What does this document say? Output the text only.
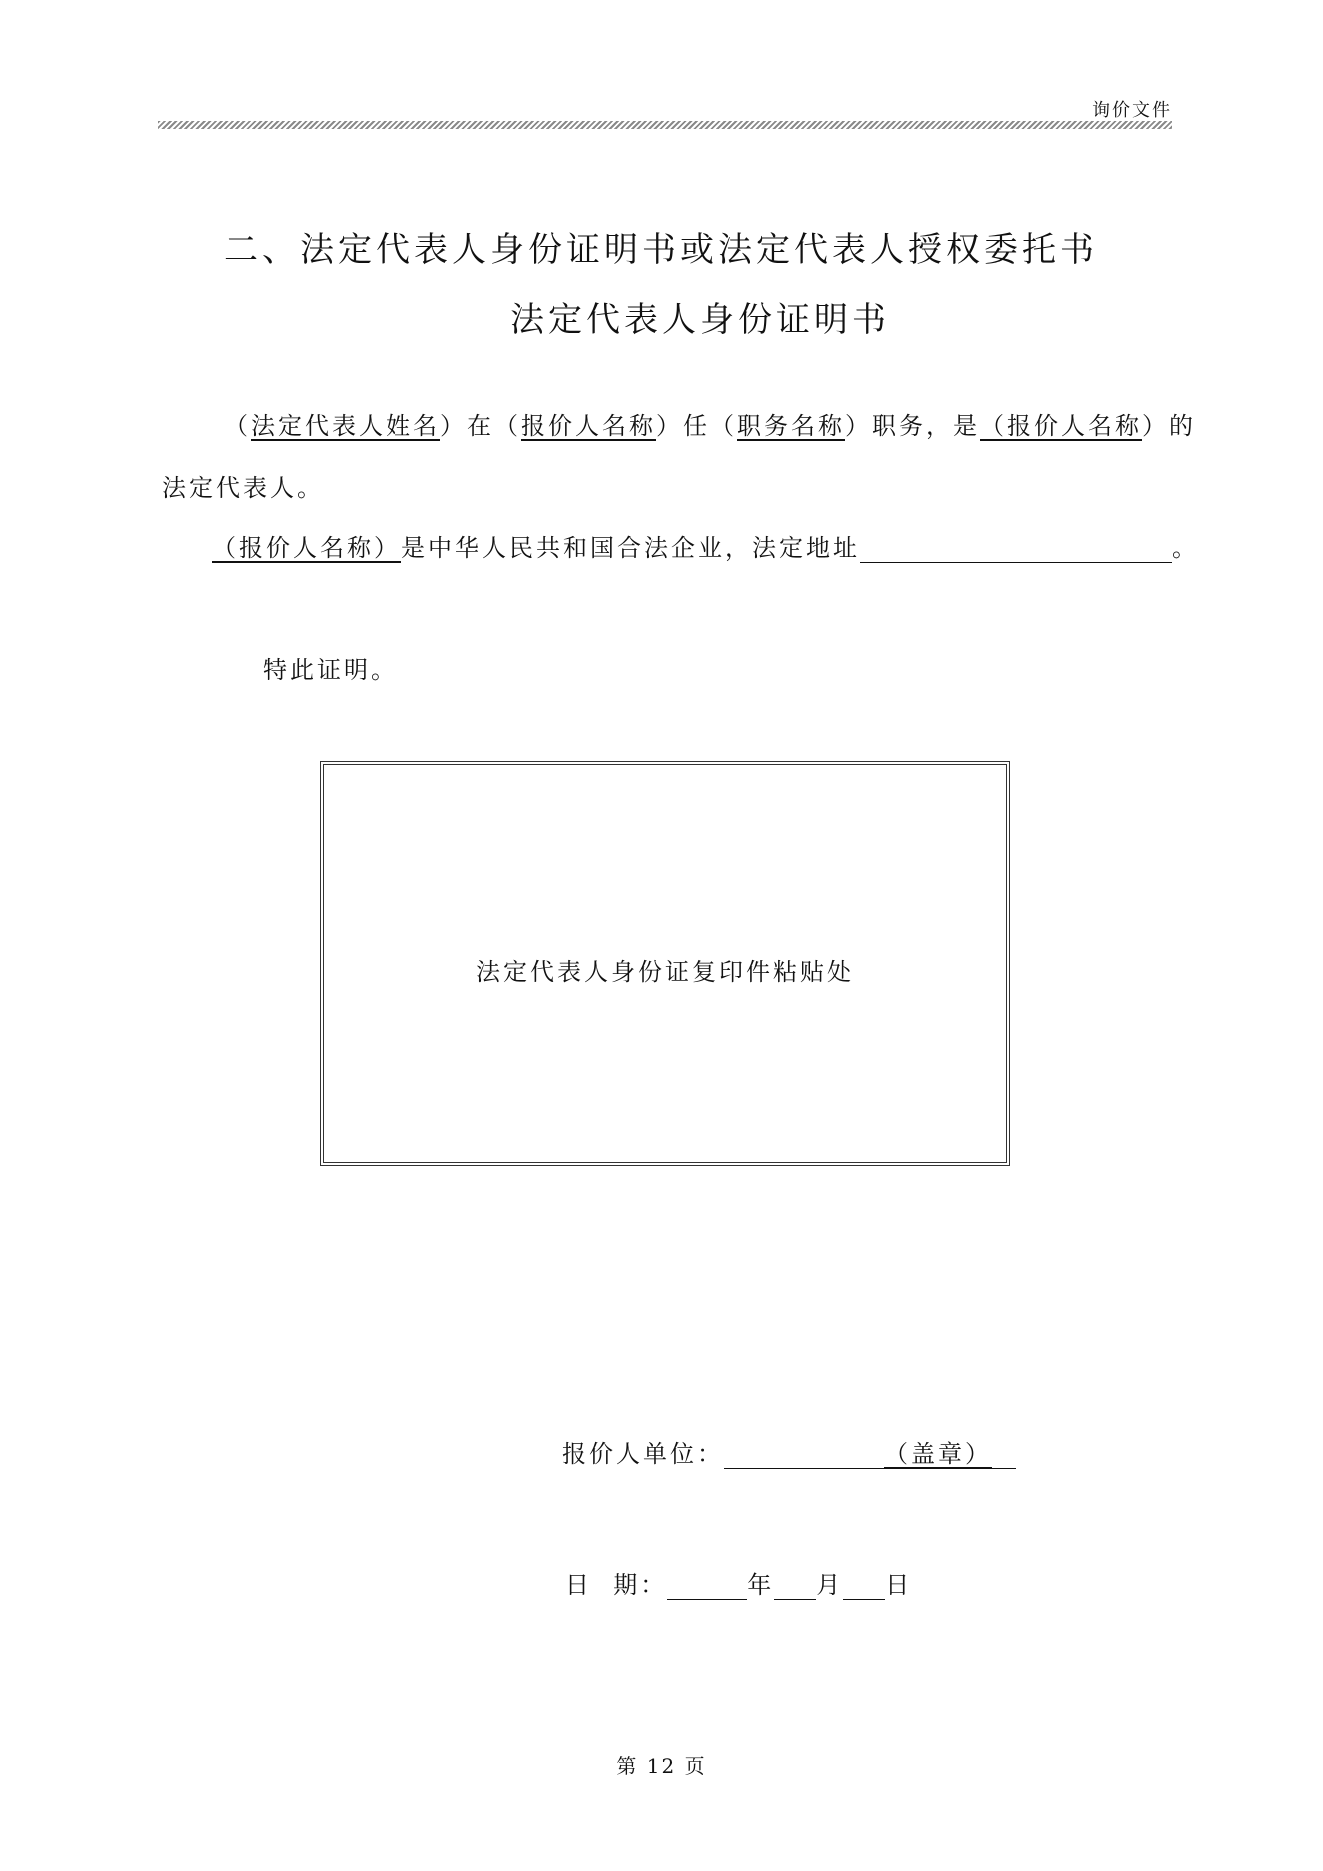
询价文件
二、法定代表人身份证明书或法定代表人授权委托书
法定代表人身份证明书
（法定代表人姓名）在（报价人名称）任（职务名称）职务，是（报价人名称）的
法定代表人。
（报价人名称）是中华人民共和国合法企业，法定地址	。
特此证明。
法定代表人身份证复印件粘贴处
报价人单位：	（盖章）
日  期：	年 月 日
第 12 页
